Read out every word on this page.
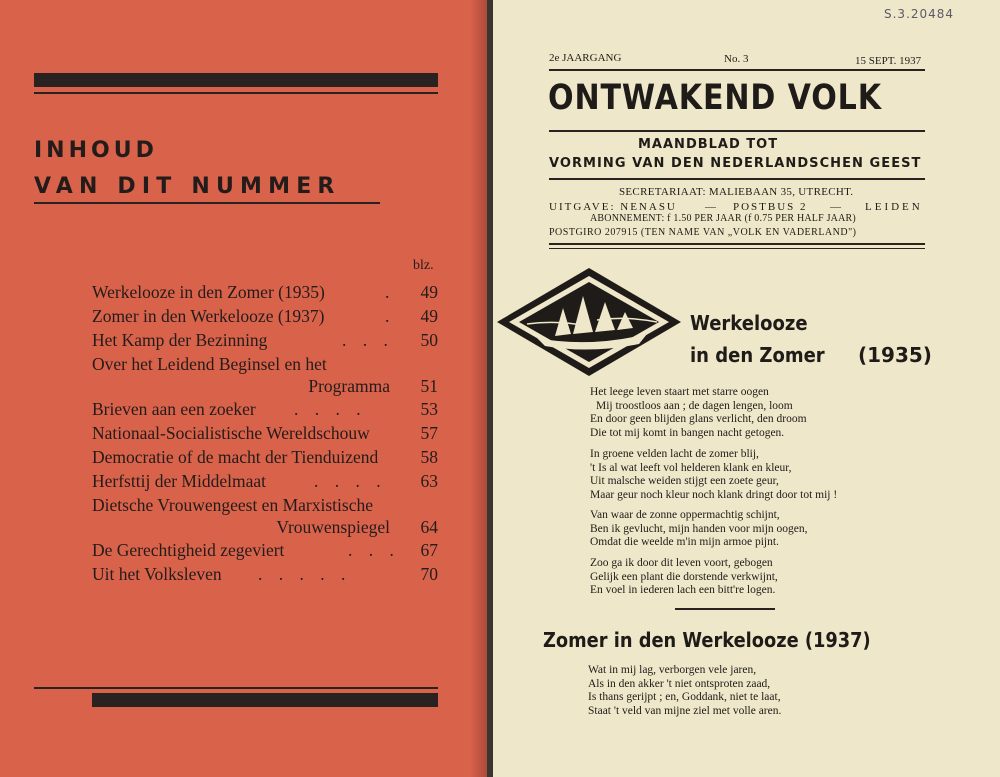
INHOUD
VAN DIT NUMMER
blz.
Werkelooze in den Zomer (1935)	. 49
Zomer in den Werkelooze (1937)	. 49
Het Kamp der Bezinning	. . . 50
Over het Leidend Beginsel en het
Programma 51
Brieven aan een zoeker . . . .	53
Nationaal-Socialistische Wereldschouw	57
Democratie of de macht der Tienduizend 58
Herfsttij der Middelmaat	. . . . 63
Dietsche Vrouwengeest en Marxistische
Vrouwenspiegel 64
De Gerechtigheid zegeviert	. . . 67
Uit het Volksleven . . . . .	70
S.3.20484
2e JAARGANG	No. 3	15 SEPT. 1937
ONTWAKEND VOLK
MAANDBLAD TOT
VORMING VAN DEN NEDERLANDSCHEN GEEST
SECRETARIAAT: MALIEBAAN 35, UTRECHT.
UITGAVE: NENASU	— POSTBUS 2 — LEIDEN
ABONNEMENT: f 1.50 PER JAAR (f 0.75 PER HALF JAAR)
POSTGIRO 207915 (TEN NAME VAN „VOLK EN VADERLAND")
Werkelooze
in den Zomer (1935)
Het leege leven staart met starre oogen
Mij troostloos aan ; de dagen lengen, loom
En door geen blijden glans verlicht, den droom
Die tot mij komt in bangen nacht getogen.
In groene velden lacht de zomer blij,
't Is al wat leeft vol helderen klank en kleur,
Uit malsche weiden stijgt een zoete geur,
Maar geur noch kleur noch klank dringt door tot mij !
Van waar de zonne oppermachtig schijnt,
Ben ik gevlucht, mijn handen voor mijn oogen,
Omdat die weelde m'in mijn armoe pijnt.
Zoo ga ik door dit leven voort, gebogen
Gelijk een plant die dorstende verkwijnt,
En voel in iederen lach een bitt're logen.
Zomer in den Werkelooze (1937)
Wat in mij lag, verborgen vele jaren,
Als in den akker 't niet ontsproten zaad,
Is thans gerijpt ; en, Goddank, niet te laat,
Staat 't veld van mijne ziel met volle aren.
